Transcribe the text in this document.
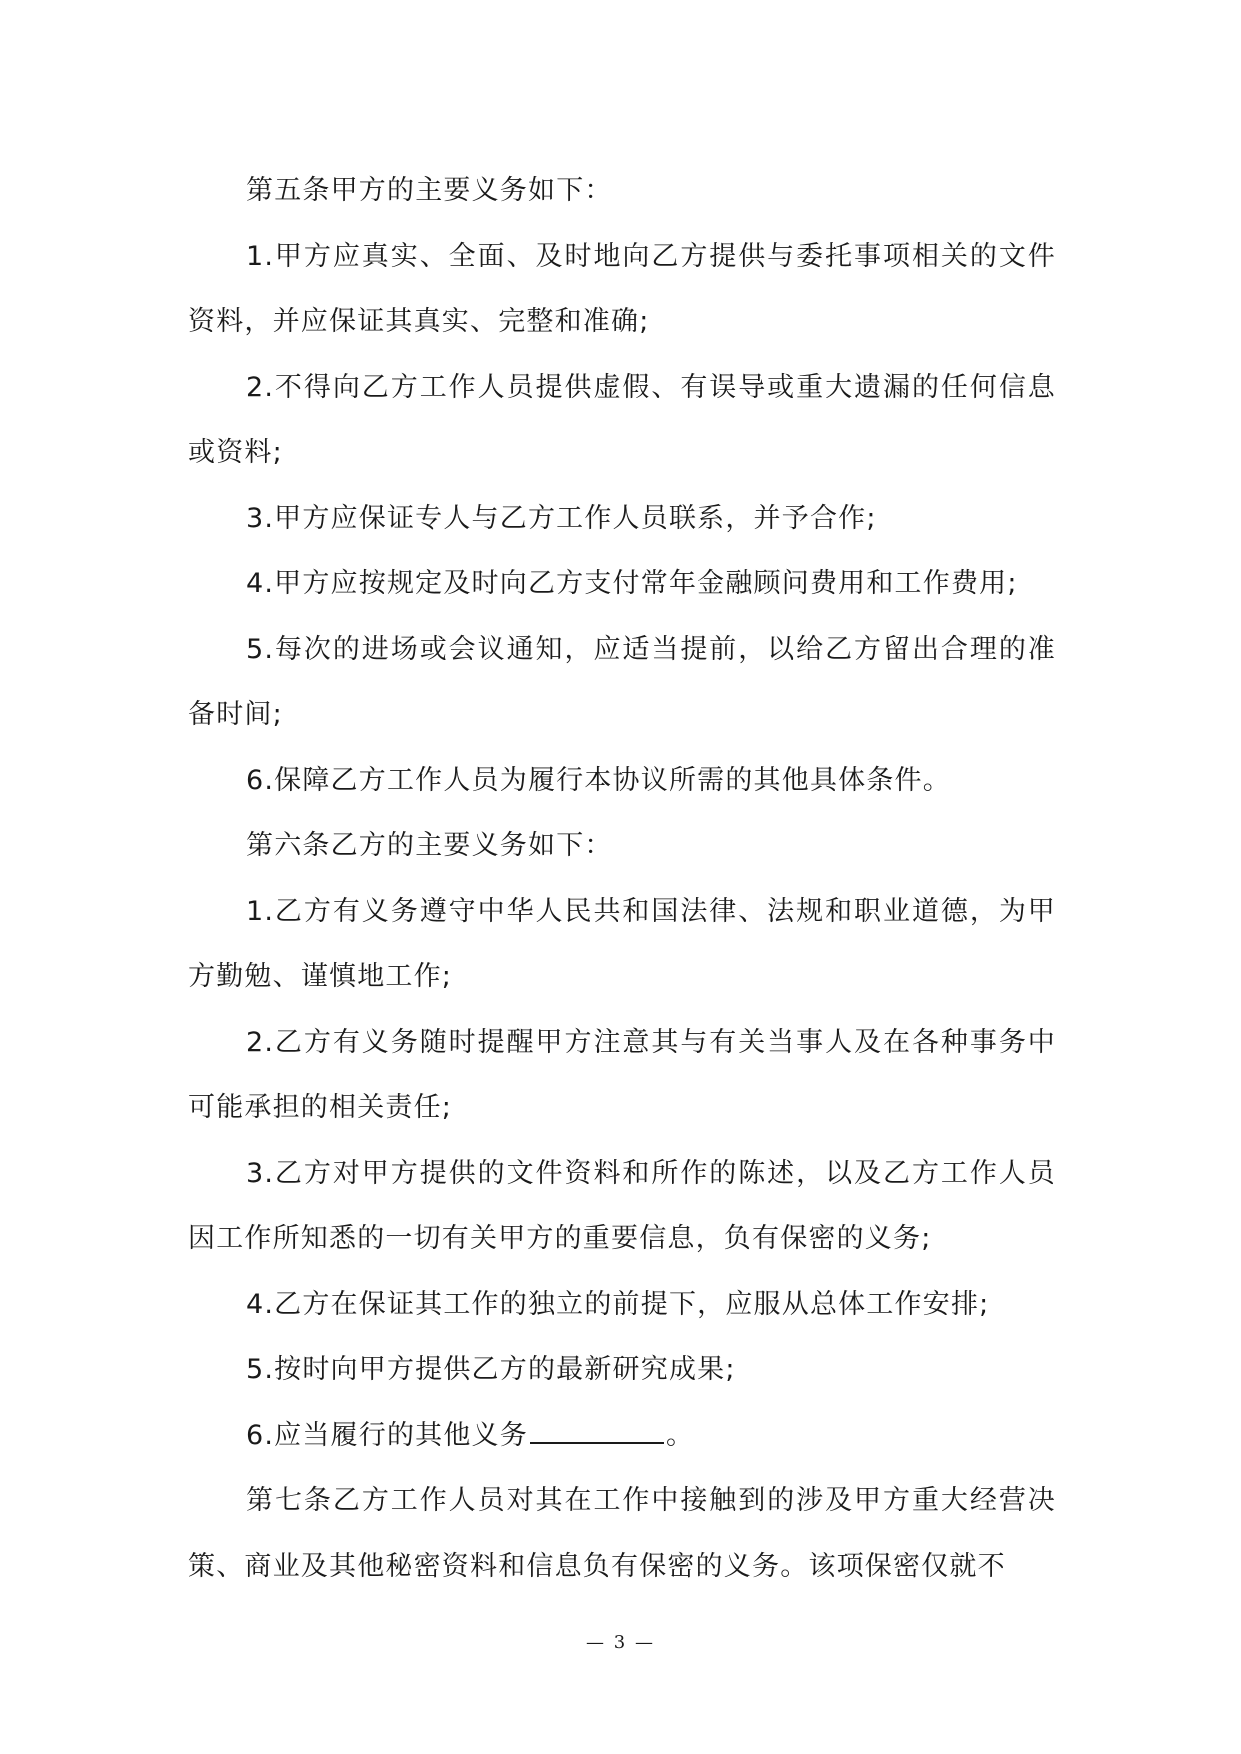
第五条甲方的主要义务如下：

1.甲方应真实、全面、及时地向乙方提供与委托事项相关的文件资料，并应保证其真实、完整和准确;

2.不得向乙方工作人员提供虚假、有误导或重大遗漏的任何信息或资料;

3.甲方应保证专人与乙方工作人员联系，并予合作;

4.甲方应按规定及时向乙方支付常年金融顾问费用和工作费用;

5.每次的进场或会议通知，应适当提前，以给乙方留出合理的准备时间;

6.保障乙方工作人员为履行本协议所需的其他具体条件。

第六条乙方的主要义务如下：

1.乙方有义务遵守中华人民共和国法律、法规和职业道德，为甲方勤勉、谨慎地工作;

2.乙方有义务随时提醒甲方注意其与有关当事人及在各种事务中可能承担的相关责任;

3.乙方对甲方提供的文件资料和所作的陈述，以及乙方工作人员因工作所知悉的一切有关甲方的重要信息，负有保密的义务;

4.乙方在保证其工作的独立的前提下，应服从总体工作安排;

5.按时向甲方提供乙方的最新研究成果;

6.应当履行的其他义务	。

第七条乙方工作人员对其在工作中接触到的涉及甲方重大经营决策、商业及其他秘密资料和信息负有保密的义务。该项保密仅就不

— 3 —
